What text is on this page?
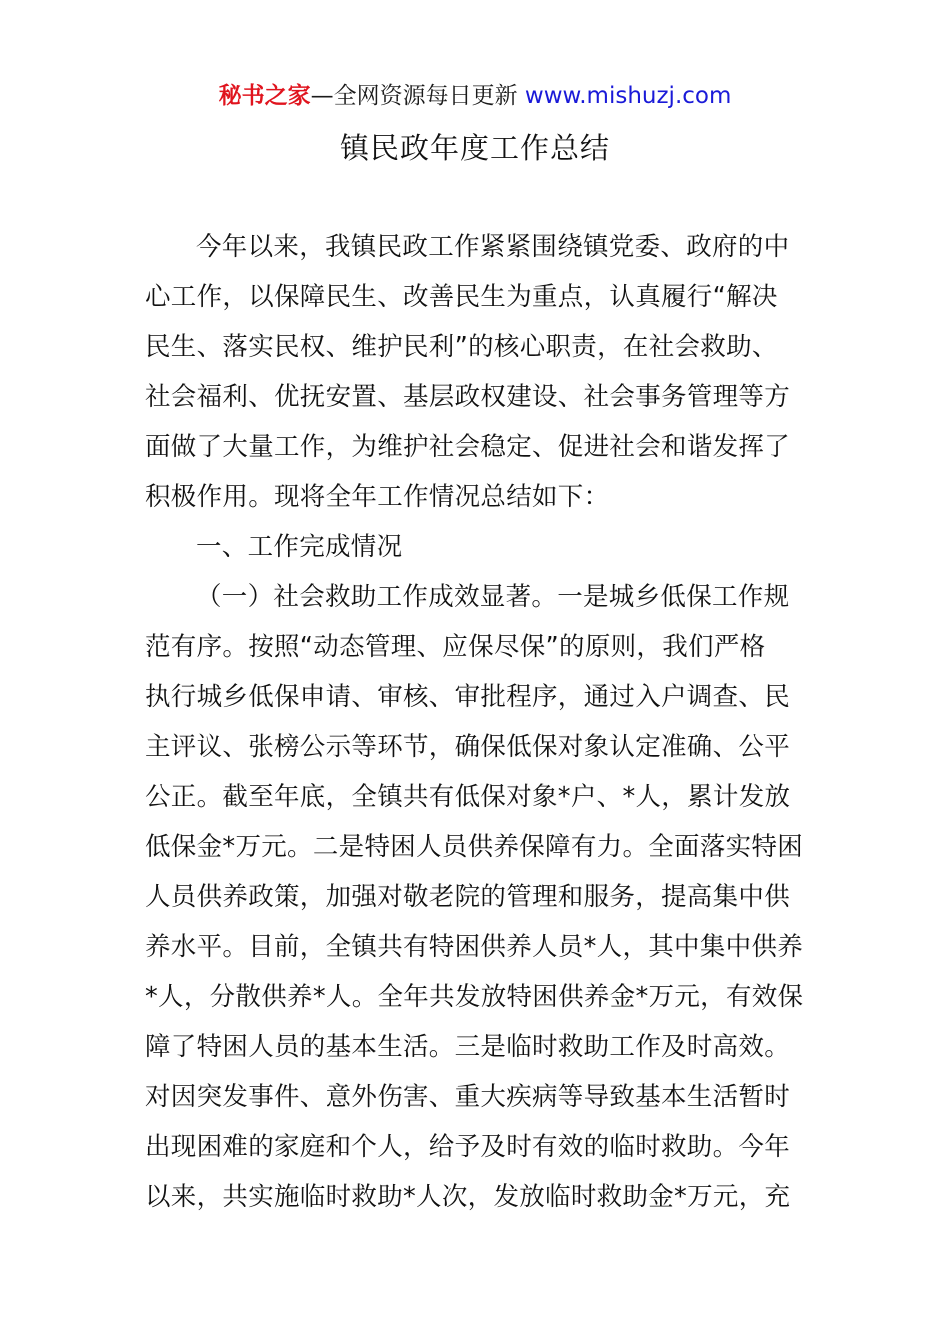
秘书之家—全网资源每日更新 www.mishuzj.com
镇民政年度工作总结
今年以来，我镇民政工作紧紧围绕镇党委、政府的中
心工作，以保障民生、改善民生为重点，认真履行“解决
民生、落实民权、维护民利”的核心职责，在社会救助、
社会福利、优抚安置、基层政权建设、社会事务管理等方
面做了大量工作，为维护社会稳定、促进社会和谐发挥了
积极作用。现将全年工作情况总结如下：
一、工作完成情况
（一）社会救助工作成效显著。一是城乡低保工作规
范有序。按照“动态管理、应保尽保”的原则，我们严格
执行城乡低保申请、审核、审批程序，通过入户调查、民
主评议、张榜公示等环节，确保低保对象认定准确、公平
公正。截至年底，全镇共有低保对象*户、*人，累计发放
低保金*万元。二是特困人员供养保障有力。全面落实特困
人员供养政策，加强对敬老院的管理和服务，提高集中供
养水平。目前，全镇共有特困供养人员*人，其中集中供养
*人，分散供养*人。全年共发放特困供养金*万元，有效保
障了特困人员的基本生活。三是临时救助工作及时高效。
对因突发事件、意外伤害、重大疾病等导致基本生活暂时
出现困难的家庭和个人，给予及时有效的临时救助。今年
以来，共实施临时救助*人次，发放临时救助金*万元，充
